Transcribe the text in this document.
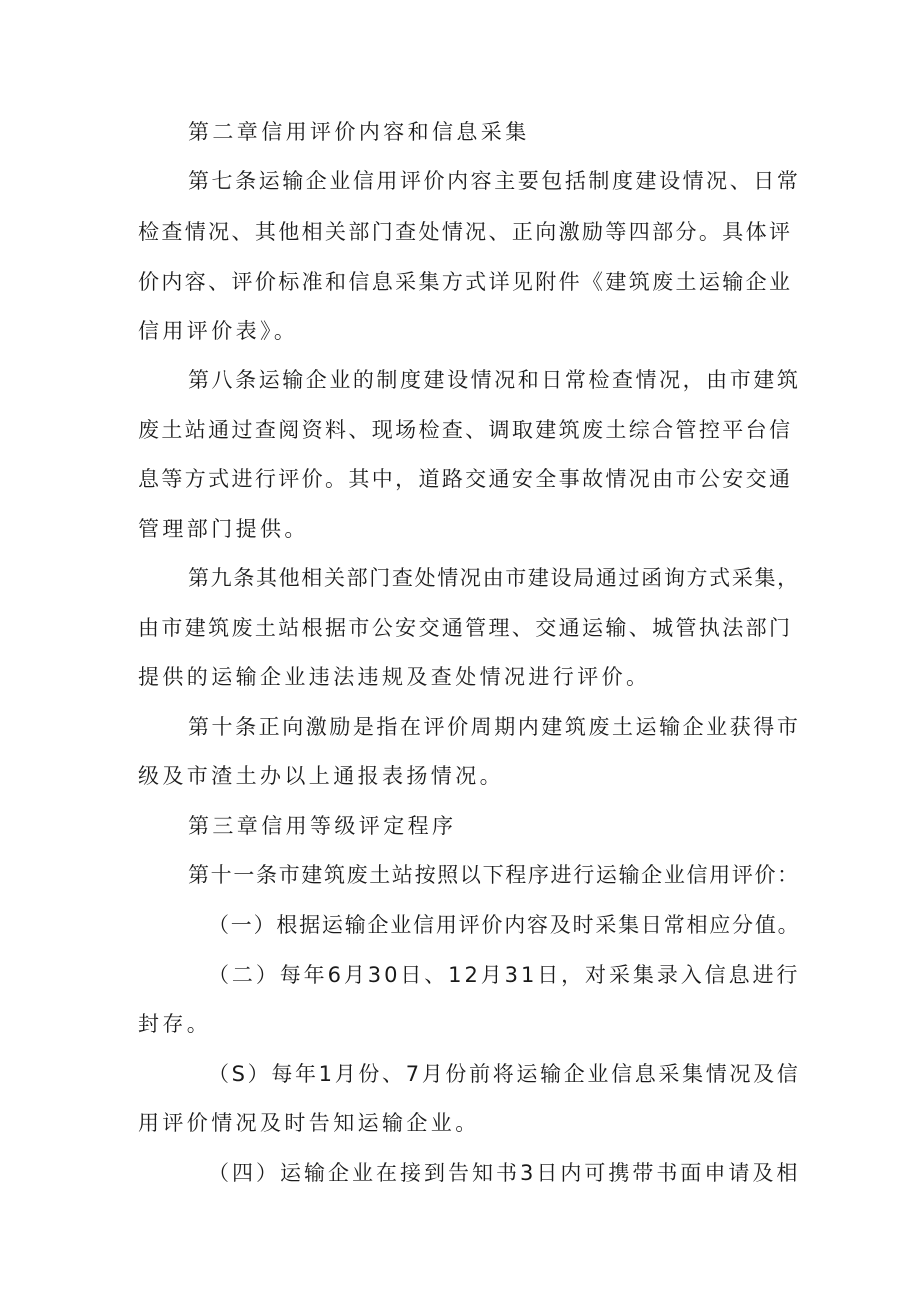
第二章信用评价内容和信息采集
第七条运输企业信用评价内容主要包括制度建设情况、日常
检查情况、其他相关部门查处情况、正向激励等四部分。具体评
价内容、评价标准和信息采集方式详见附件《建筑废土运输企业
信用评价表》。
第八条运输企业的制度建设情况和日常检查情况，由市建筑
废土站通过查阅资料、现场检查、调取建筑废土综合管控平台信
息等方式进行评价。其中，道路交通安全事故情况由市公安交通
管理部门提供。
第九条其他相关部门查处情况由市建设局通过函询方式采集，
由市建筑废土站根据市公安交通管理、交通运输、城管执法部门
提供的运输企业违法违规及查处情况进行评价。
第十条正向激励是指在评价周期内建筑废土运输企业获得市
级及市渣土办以上通报表扬情况。
第三章信用等级评定程序
第十一条市建筑废土站按照以下程序进行运输企业信用评价：
（一）根据运输企业信用评价内容及时采集日常相应分值。
（二）每年6月30日、12月31日，对采集录入信息进行
封存。
（S）每年1月份、7月份前将运输企业信息采集情况及信
用评价情况及时告知运输企业。
（四）运输企业在接到告知书3日内可携带书面申请及相
